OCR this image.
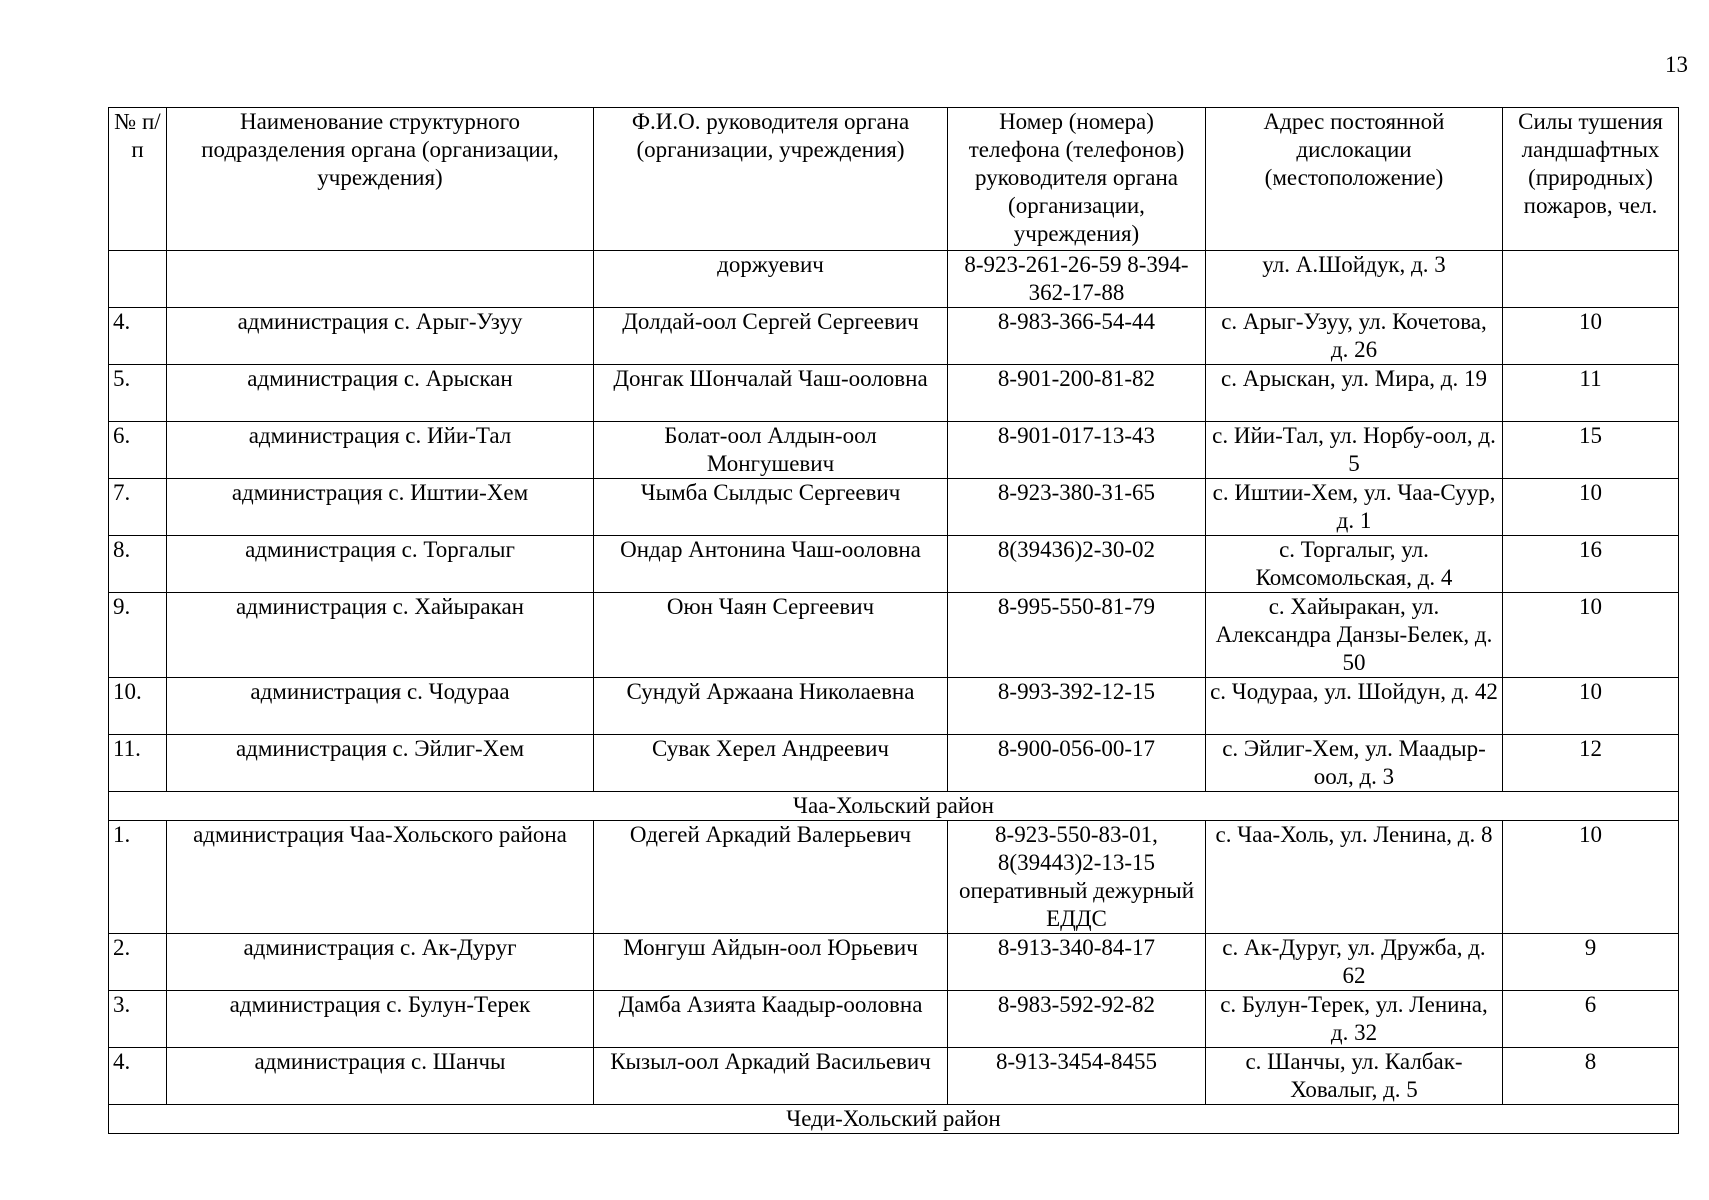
13
№ п/п	Наименование структурного подразделения органа (организации, учреждения)	Ф.И.О. руководителя органа (организации, учреждения)	Номер (номера) телефона (телефонов) руководителя органа (организации, учреждения)	Адрес постоянной дислокации (местоположение)	Силы тушения ландшафтных (природных) пожаров, чел.
		доржуевич	8-923-261-26-59 8-394-362-17-88	ул. А.Шойдук, д. 3	
4.	администрация с. Арыг-Узуу	Долдай-оол Сергей Сергеевич	8-983-366-54-44	с. Арыг-Узуу, ул. Кочетова, д. 26	10
5.	администрация с. Арыскан	Донгак Шончалай Чаш-ооловна	8-901-200-81-82	с. Арыскан, ул. Мира, д. 19	11
6.	администрация с. Ийи-Тал	Болат-оол Алдын-оол Монгушевич	8-901-017-13-43	с. Ийи-Тал, ул. Норбу-оол, д. 5	15
7.	администрация с. Иштии-Хем	Чымба Сылдыс Сергеевич	8-923-380-31-65	с. Иштии-Хем, ул. Чаа-Суур, д. 1	10
8.	администрация с. Торгалыг	Ондар Антонина Чаш-ооловна	8(39436)2-30-02	с. Торгалыг, ул. Комсомольская, д. 4	16
9.	администрация с. Хайыракан	Оюн Чаян Сергеевич	8-995-550-81-79	с. Хайыракан, ул. Александра Данзы-Белек, д. 50	10
10.	администрация с. Чодураа	Сундуй Аржаана Николаевна	8-993-392-12-15	с. Чодураа, ул. Шойдун, д. 42	10
11.	администрация с. Эйлиг-Хем	Сувак Херел Андреевич	8-900-056-00-17	с. Эйлиг-Хем, ул. Маадыр-оол, д. 3	12
Чаа-Хольский район					
1.	администрация Чаа-Хольского района	Одегей Аркадий Валерьевич	8-923-550-83-01, 8(39443)2-13-15 оперативный дежурный ЕДДС	с. Чаа-Холь, ул. Ленина, д. 8	10
2.	администрация с. Ак-Дуруг	Монгуш Айдын-оол Юрьевич	8-913-340-84-17	с. Ак-Дуруг, ул. Дружба, д. 62	9
3.	администрация с. Булун-Терек	Дамба Азията Каадыр-ооловна	8-983-592-92-82	с. Булун-Терек, ул. Ленина, д. 32	6
4.	администрация с. Шанчы	Кызыл-оол Аркадий Васильевич	8-913-3454-8455	с. Шанчы, ул. Калбак-Ховалыг, д. 5	8
Чеди-Хольский район					
